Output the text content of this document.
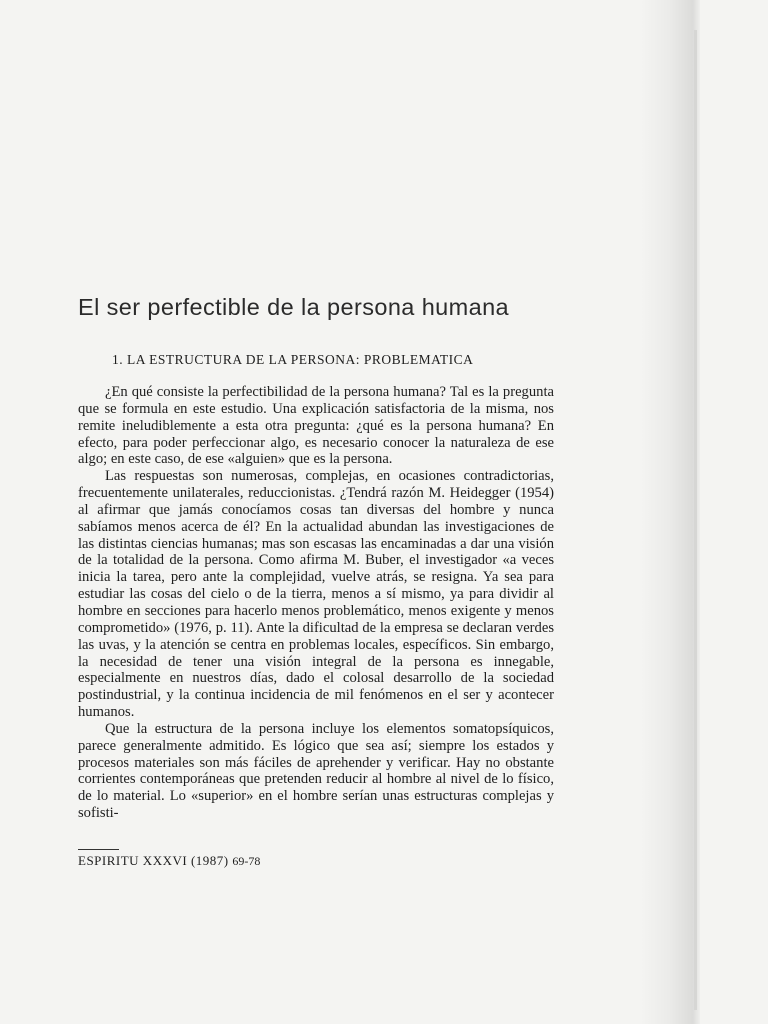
El ser perfectible de la persona humana
1. LA ESTRUCTURA DE LA PERSONA: PROBLEMATICA

¿En qué consiste la perfectibilidad de la persona humana? Tal es la pregunta que se formula en este estudio. Una explicación satisfactoria de la misma, nos remite ineludiblemente a esta otra pregunta: ¿qué es la persona humana? En efecto, para poder perfeccionar algo, es necesario conocer la naturaleza de ese algo; en este caso, de ese «alguien» que es la persona.

Las respuestas son numerosas, complejas, en ocasiones contradictorias, frecuentemente unilaterales, reduccionistas. ¿Tendrá razón M. Heidegger (1954) al afirmar que jamás conocíamos cosas tan diversas del hombre y nunca sabíamos menos acerca de él? En la actualidad abundan las investigaciones de las distintas ciencias humanas; mas son escasas las encaminadas a dar una visión de la totalidad de la persona. Como afirma M. Buber, el investigador «a veces inicia la tarea, pero ante la complejidad, vuelve atrás, se resigna. Ya sea para estudiar las cosas del cielo o de la tierra, menos a sí mismo, ya para dividir al hombre en secciones para hacerlo menos problemático, menos exigente y menos comprometido» (1976, p. 11). Ante la dificultad de la empresa se declaran verdes las uvas, y la atención se centra en problemas locales, específicos. Sin embargo, la necesidad de tener una visión integral de la persona es innegable, especialmente en nuestros días, dado el colosal desarrollo de la sociedad postindustrial, y la continua incidencia de mil fenómenos en el ser y acontecer humanos.

Que la estructura de la persona incluye los elementos somatopsíquicos, parece generalmente admitido. Es lógico que sea así; siempre los estados y procesos materiales son más fáciles de aprehender y verificar. Hay no obstante corrientes contemporáneas que pretenden reducir al hombre al nivel de lo físico, de lo material. Lo «superior» en el hombre serían unas estructuras complejas y sofisti-

ESPIRITU XXXVI (1987) 69-78
